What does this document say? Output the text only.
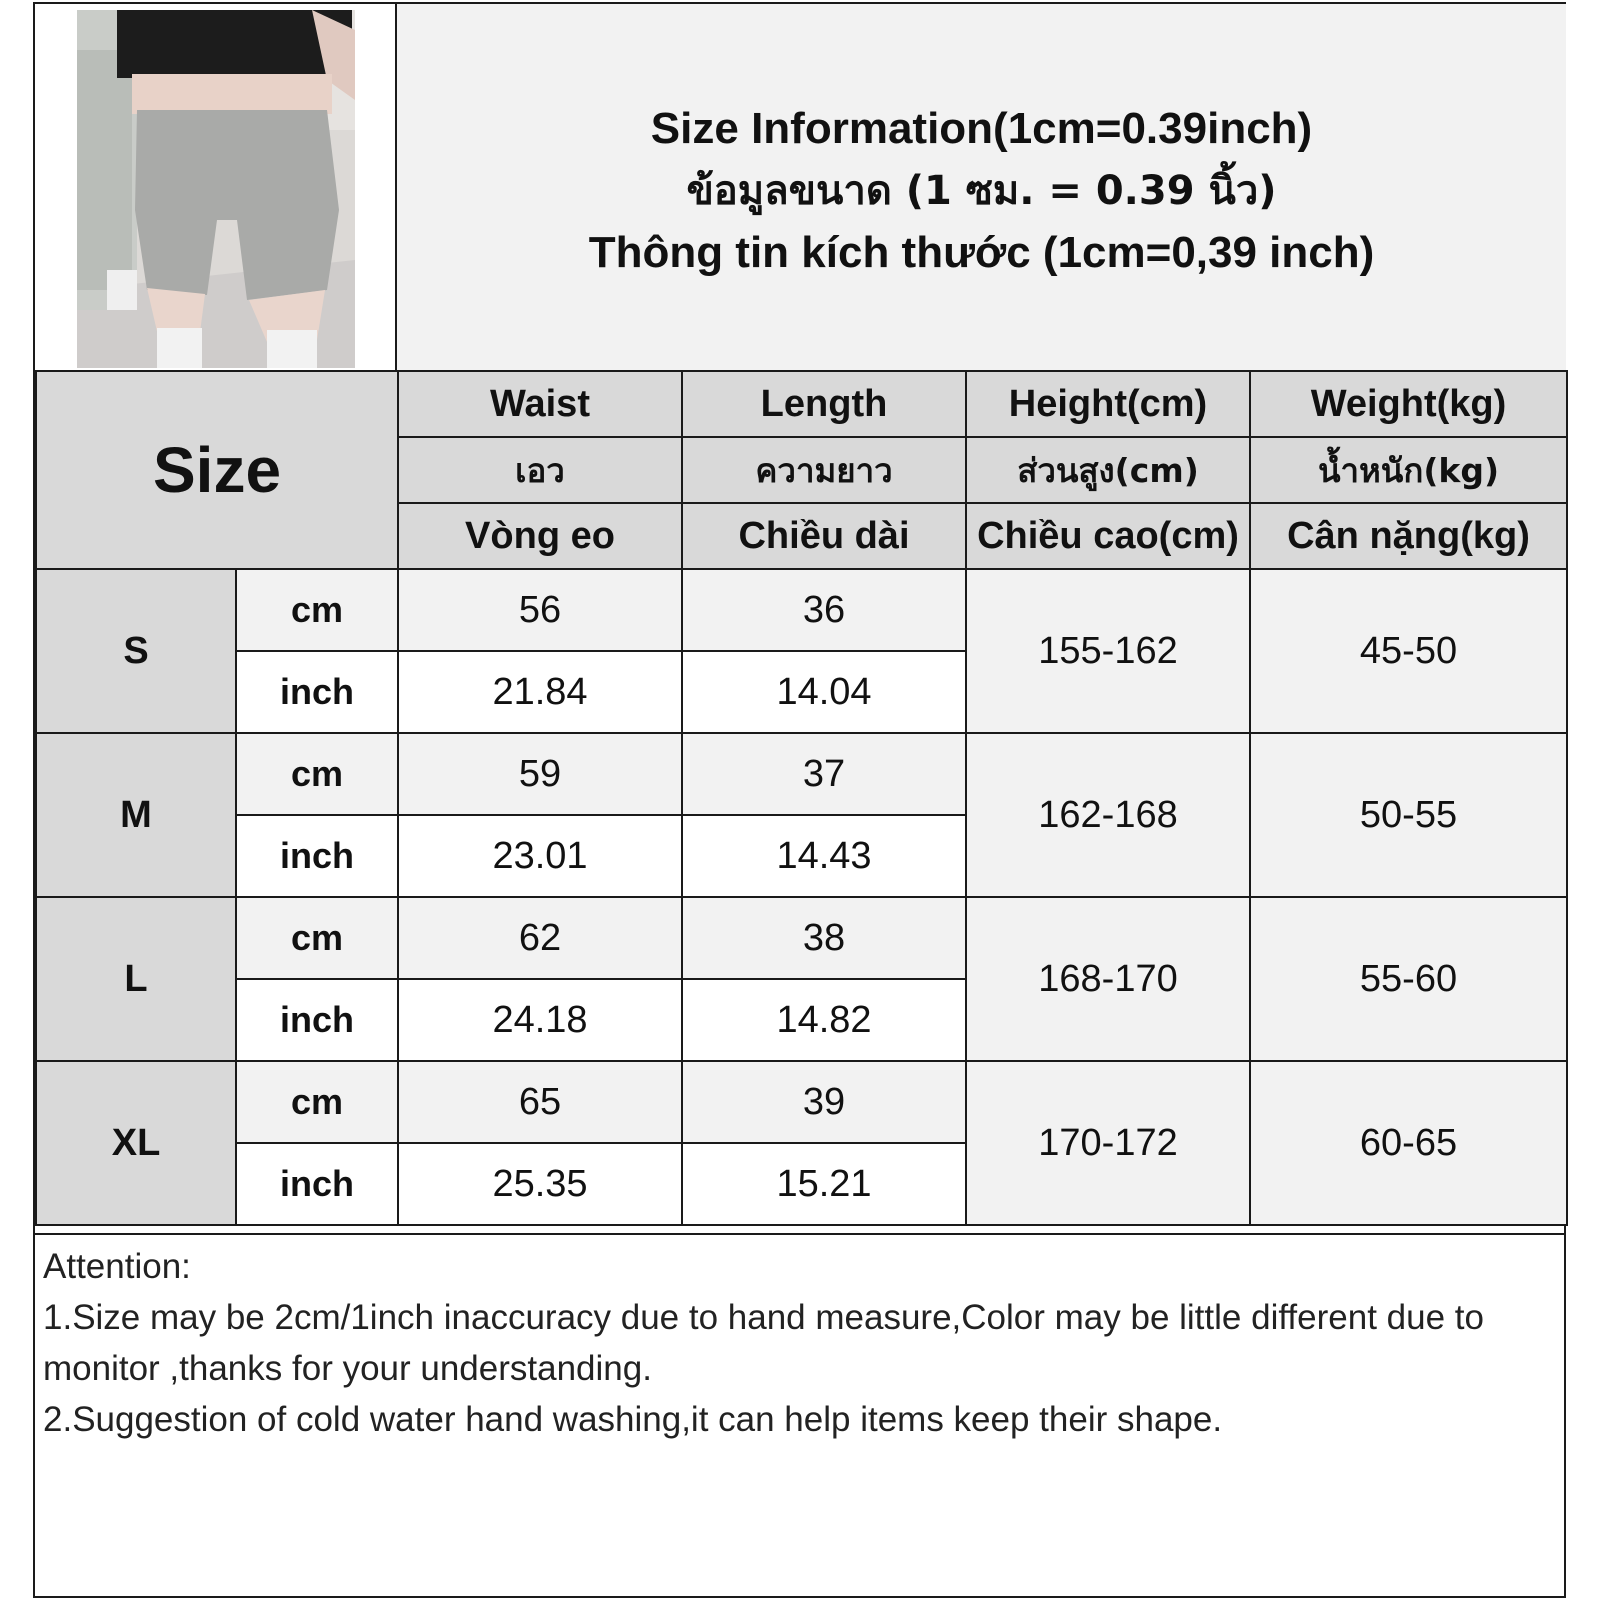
Size Information(1cm=0.39inch)
ข้อมูลขนาด (1 ซม. = 0.39 นิ้ว)
Thông tin kích thước (1cm=0,39 inch)
Size		Waist	Length	Height(cm)	Weight(kg)
		เอว	ความยาว	ส่วนสูง(cm)	น้ำหนัก(kg)
		Vòng eo	Chiều dài	Chiều cao(cm)	Cân nặng(kg)
S	cm	56	36	155-162	45-50
	inch	21.84	14.04		
M	cm	59	37	162-168	50-55
	inch	23.01	14.43		
L	cm	62	38	168-170	55-60
	inch	24.18	14.82		
XL	cm	65	39	170-172	60-65
	inch	25.35	15.21		

Attention:

1.Size may be 2cm/1inch inaccuracy due to hand measure,Color may be little different due to monitor ,thanks for your understanding.

2.Suggestion of cold water hand washing,it can help items keep their shape.
